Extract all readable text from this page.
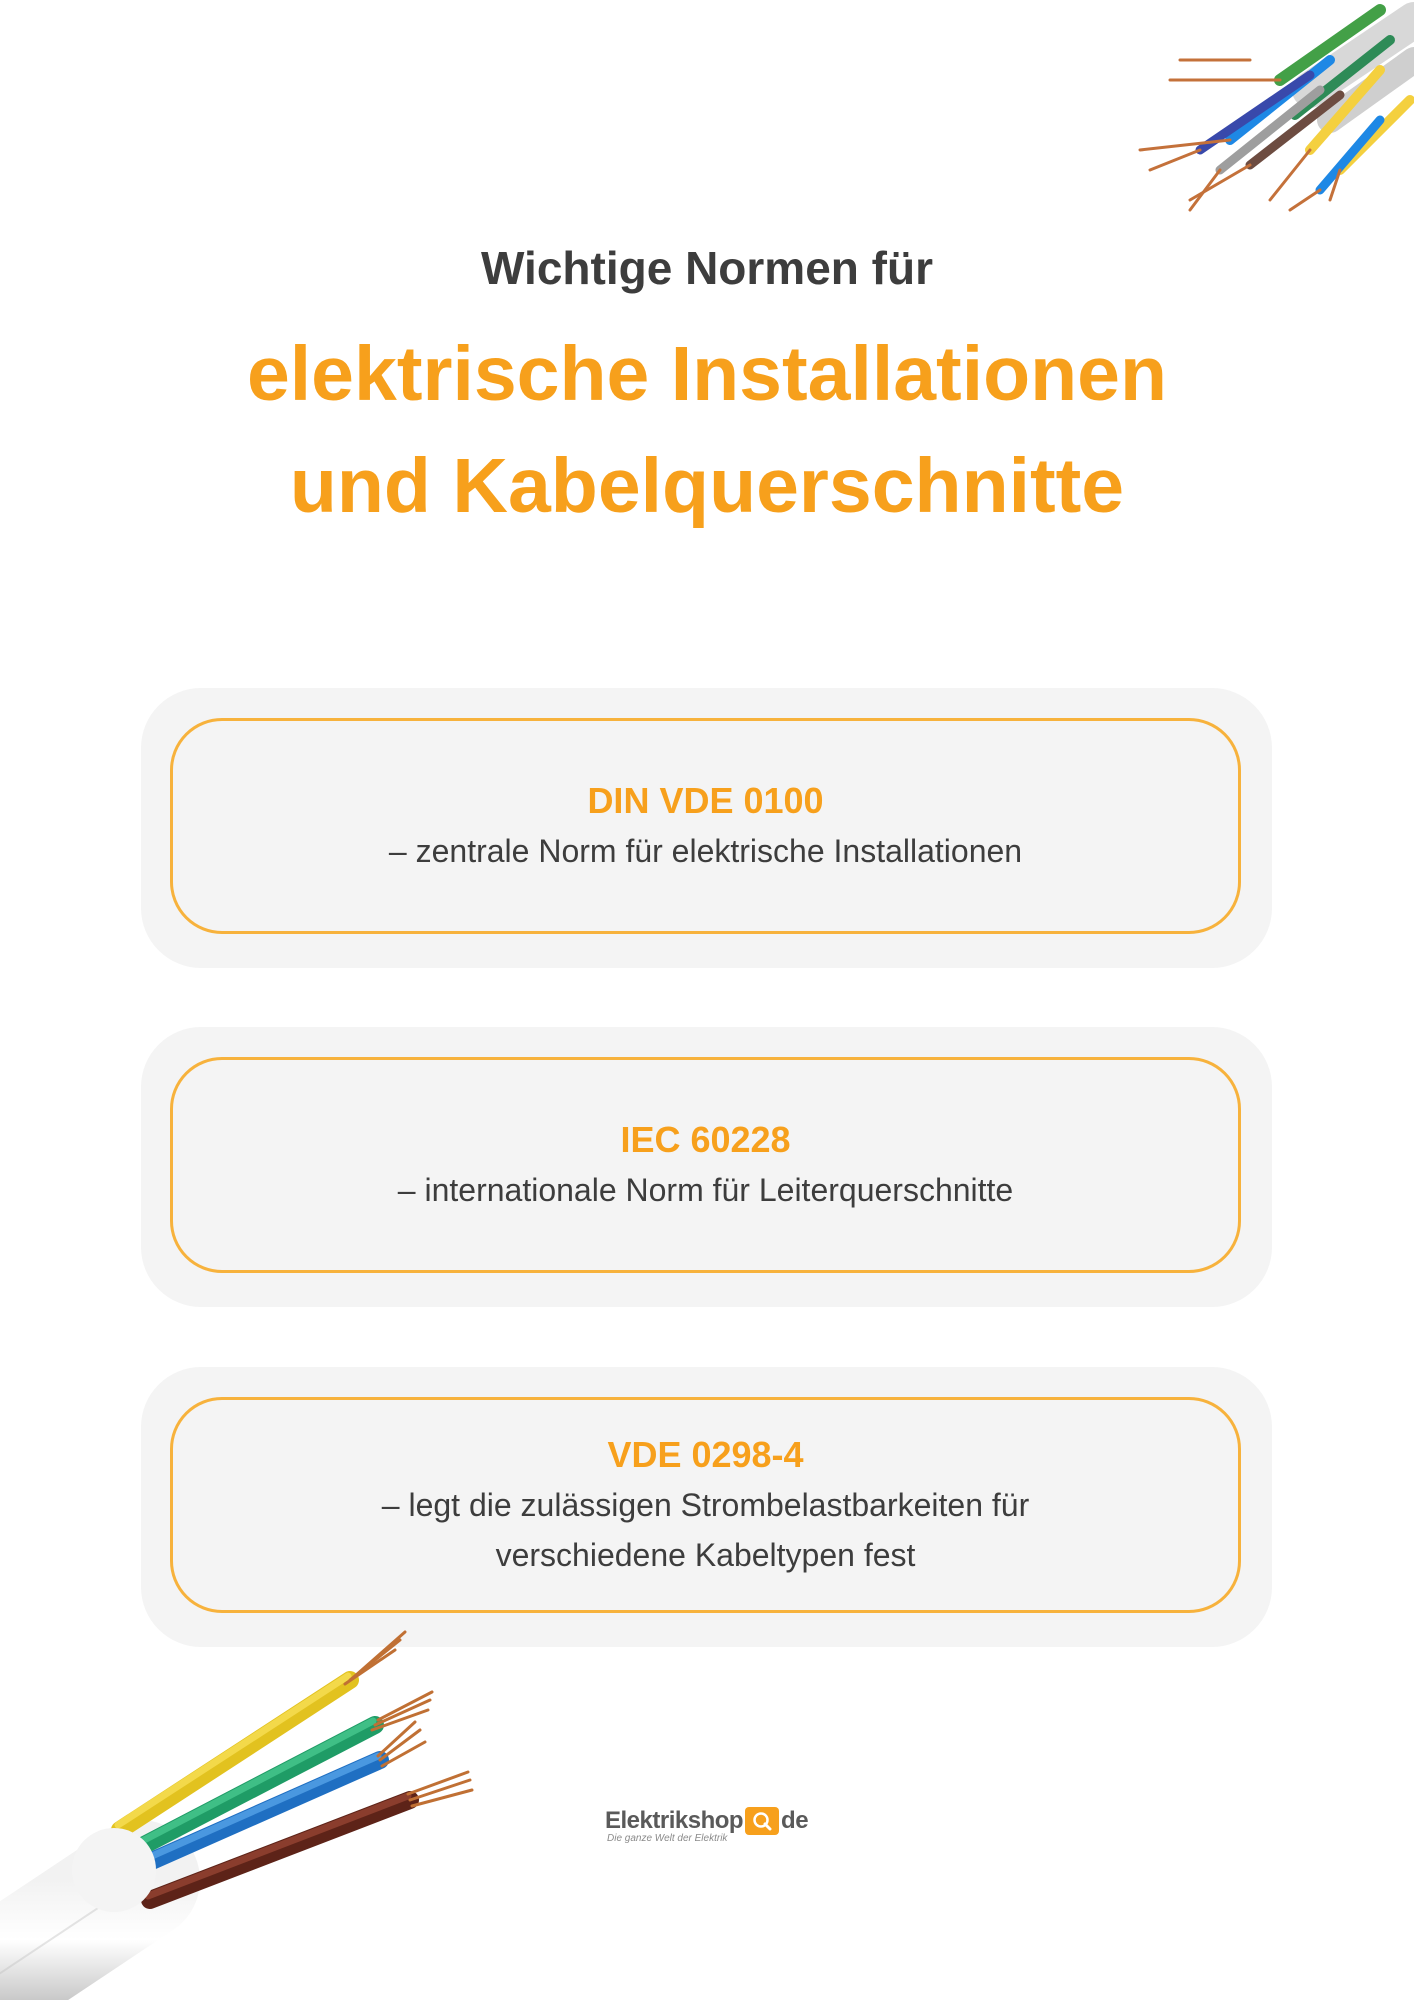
Wichtige Normen für
elektrische Installationen
und Kabelquerschnitte
DIN VDE 0100
– zentrale Norm für elektrische Installationen
IEC 60228
– internationale Norm für Leiterquerschnitte
VDE 0298-4
– legt die zulässigen Strombelastbarkeiten für
verschiedene Kabeltypen fest
Elektrikshop de
Die ganze Welt der Elektrik
